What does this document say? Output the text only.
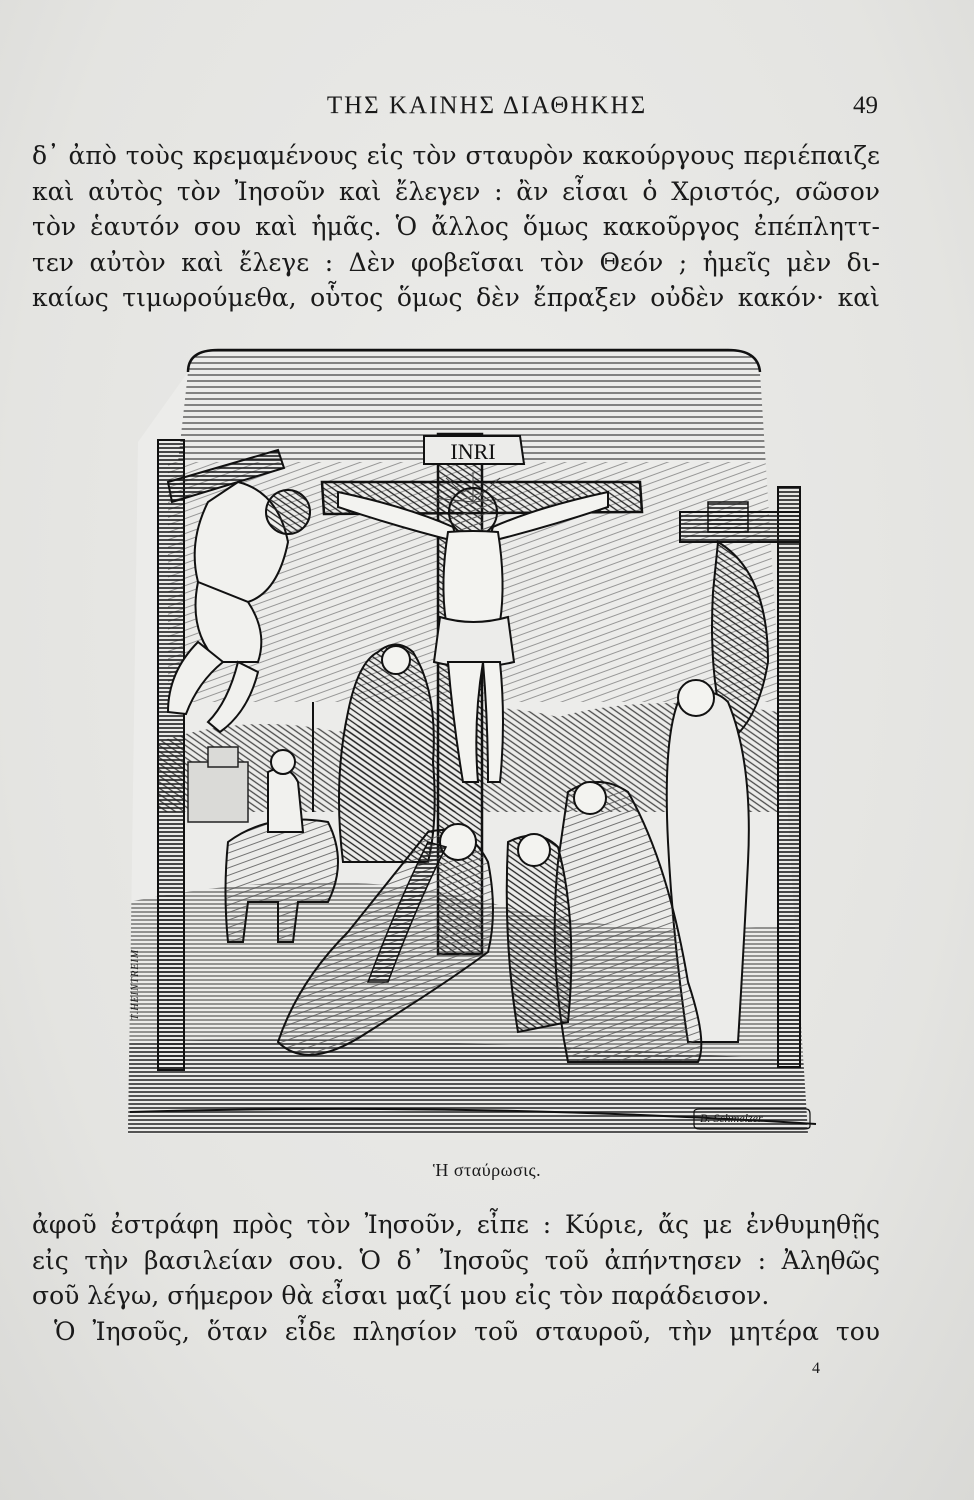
ΤΗΣ ΚΑΙΝΗΣ ΔΙΑΘΗΚΗΣ	49
δ᾽ ἀπὸ τοὺς κρεμαμένους εἰς τὸν σταυρὸν κακούργους περιέπαιζε
καὶ αὐτὸς τὸν Ἰησοῦν καὶ ἔλεγεν : ἂν εἶσαι ὁ Χριστός, σῶσον
τὸν ἑαυτόν σου καὶ ἡμᾶς. Ὁ ἄλλος ὅμως κακοῦργος ἐπέπληττ-
τεν αὐτὸν καὶ ἔλεγε : Δὲν φοβεῖσαι τὸν Θεόν ; ἡμεῖς μὲν δι-
καίως τιμωρούμεθα, οὗτος ὅμως δὲν ἔπραξεν οὐδὲν κακόν· καὶ
INRI
T.HEINTREIM
B. Schmelzer
Ἡ σταύρωσις.
ἀφοῦ ἐστράφη πρὸς τὸν Ἰησοῦν, εἶπε : Κύριε, ἄς με ἐνθυμηθῇς
εἰς τὴν βασιλείαν σου. Ὁ δ᾽ Ἰησοῦς τοῦ ἀπήντησεν : Ἀληθῶς
σοῦ λέγω, σήμερον θὰ εἶσαι μαζί μου εἰς τὸν παράδεισον.
Ὁ Ἰησοῦς, ὅταν εἶδε πλησίον τοῦ σταυροῦ, τὴν μητέρα του
4
